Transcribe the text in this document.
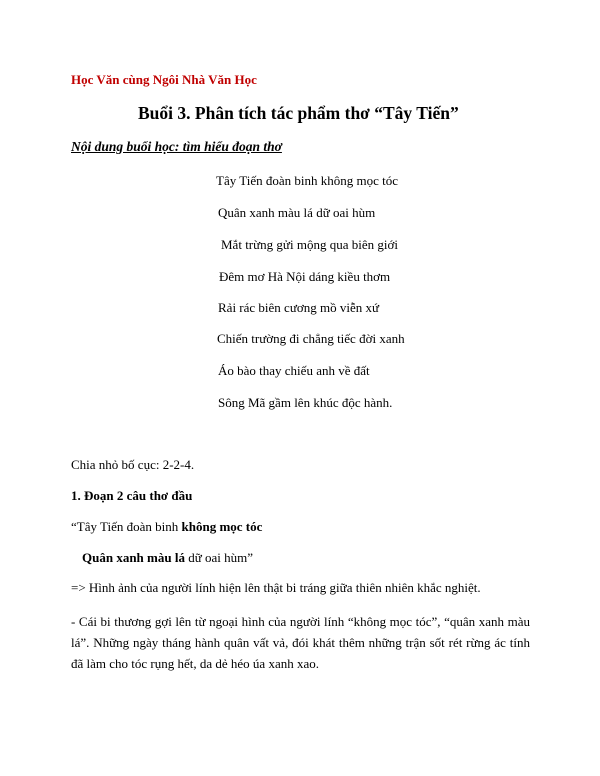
Học Văn cùng Ngôi Nhà Văn Học
Buổi 3. Phân tích tác phẩm thơ “Tây Tiến”
Nội dung buổi học: tìm hiểu đoạn thơ
Tây Tiến đoàn binh không mọc tóc
Quân xanh màu lá dữ oai hùm
Mắt trừng gửi mộng qua biên giới
Đêm mơ Hà Nội dáng kiều thơm
Rải rác biên cương mồ viễn xứ
Chiến trường đi chẳng tiếc đời xanh
Áo bào thay chiếu anh về đất
Sông Mã gầm lên khúc độc hành.
Chia nhỏ bố cục: 2-2-4.
1. Đoạn 2 câu thơ đầu
“Tây Tiến đoàn binh không mọc tóc
Quân xanh màu lá dữ oai hùm”
=> Hình ảnh của người lính hiện lên thật bi tráng giữa thiên nhiên khắc nghiệt.
- Cái bi thương gợi lên từ ngoại hình của người lính “không mọc tóc”, “quân xanh màu lá”. Những ngày tháng hành quân vất vả, đói khát thêm những trận sốt rét rừng ác tính đã làm cho tóc rụng hết, da dẻ héo úa xanh xao.
